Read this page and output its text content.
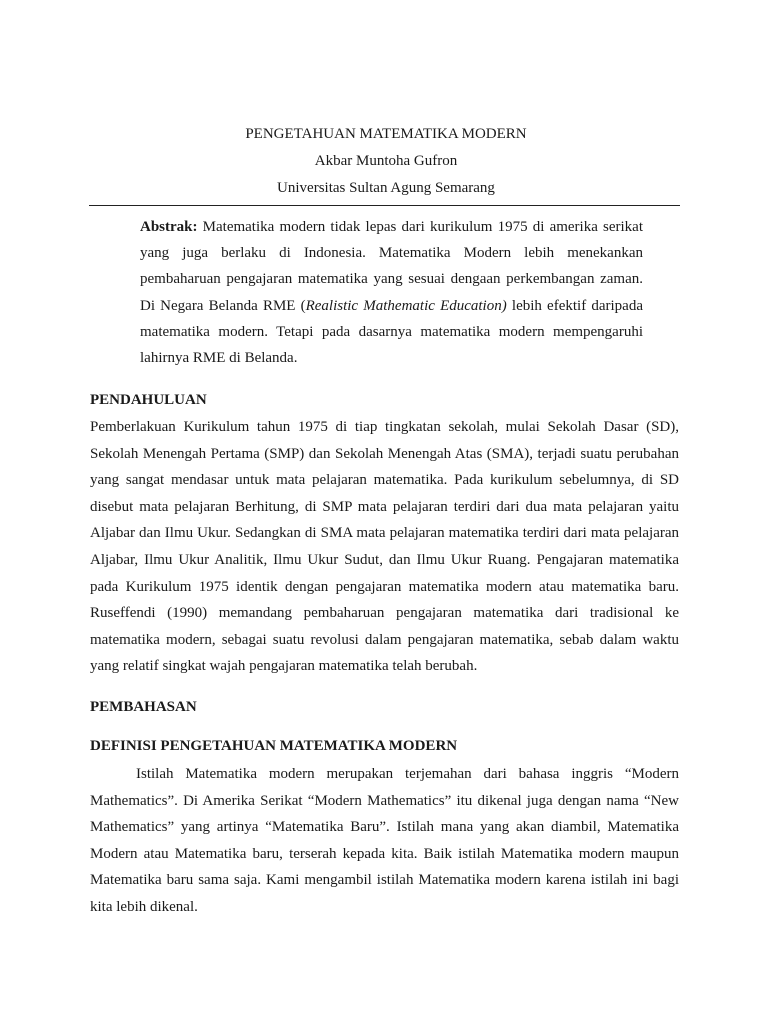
PENGETAHUAN MATEMATIKA MODERN
Akbar Muntoha Gufron
Universitas Sultan Agung Semarang
Abstrak: Matematika modern tidak lepas dari kurikulum 1975 di amerika serikat yang juga berlaku di Indonesia. Matematika Modern lebih menekankan pembaharuan pengajaran matematika yang sesuai dengaan perkembangan zaman. Di Negara Belanda RME (Realistic Mathematic Education) lebih efektif daripada matematika modern. Tetapi pada dasarnya matematika modern mempengaruhi lahirnya RME di Belanda.
PENDAHULUAN
Pemberlakuan Kurikulum tahun 1975 di tiap tingkatan sekolah, mulai Sekolah Dasar (SD), Sekolah Menengah Pertama (SMP) dan Sekolah Menengah Atas (SMA), terjadi suatu perubahan yang sangat mendasar untuk mata pelajaran matematika. Pada kurikulum sebelumnya, di SD disebut mata pelajaran Berhitung, di SMP mata pelajaran terdiri dari dua mata pelajaran yaitu Aljabar dan Ilmu Ukur. Sedangkan di SMA mata pelajaran matematika terdiri dari mata pelajaran Aljabar, Ilmu Ukur Analitik, Ilmu Ukur Sudut, dan Ilmu Ukur Ruang. Pengajaran matematika pada Kurikulum 1975 identik dengan pengajaran matematika modern atau matematika baru. Ruseffendi (1990) memandang pembaharuan pengajaran matematika dari tradisional ke matematika modern, sebagai suatu revolusi dalam pengajaran matematika, sebab dalam waktu yang relatif singkat wajah pengajaran matematika telah berubah.
PEMBAHASAN
DEFINISI PENGETAHUAN MATEMATIKA MODERN
Istilah Matematika modern merupakan terjemahan dari bahasa inggris “Modern Mathematics”. Di Amerika Serikat “Modern Mathematics” itu dikenal juga dengan nama “New Mathematics” yang artinya “Matematika Baru”. Istilah mana yang akan diambil, Matematika Modern atau Matematika baru, terserah kepada kita. Baik istilah Matematika modern maupun Matematika baru sama saja. Kami mengambil istilah Matematika modern karena istilah ini bagi kita lebih dikenal.
